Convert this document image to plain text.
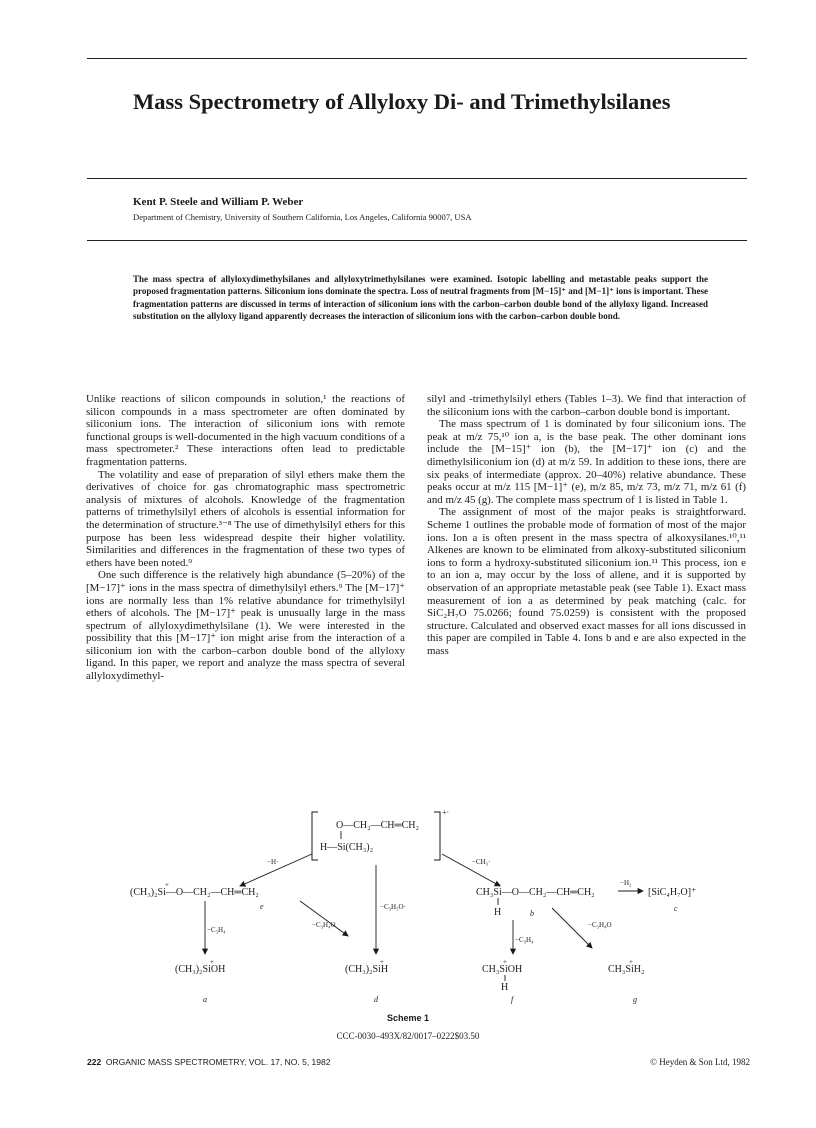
Mass Spectrometry of Allyloxy Di- and Trimethylsilanes

Kent P. Steele and William P. Weber

Department of Chemistry, University of Southern California, Los Angeles, California 90007, USA

The mass spectra of allyloxydimethylsilanes and allyloxytrimethylsilanes were examined. Isotopic labelling and metastable peaks support the proposed fragmentation patterns. Siliconium ions dominate the spectra. Loss of neutral fragments from [M−15]⁺ and [M−1]⁺ ions is important. These fragmentation patterns are discussed in terms of interaction of siliconium ions with the carbon–carbon double bond of the allyloxy ligand. Increased substitution on the allyloxy ligand apparently decreases the interaction of siliconium ions with the carbon–carbon double bond.

Unlike reactions of silicon compounds in solution,¹ the reactions of silicon compounds in a mass spectrometer are often dominated by siliconium ions. The interaction of siliconium ions with remote functional groups is well-documented in the high vacuum conditions of a mass spectrometer.² These interactions often lead to predictable fragmentation patterns.

The volatility and ease of preparation of silyl ethers make them the derivatives of choice for gas chromatographic mass spectrometric analysis of mixtures of alcohols. Knowledge of the fragmentation patterns of trimethylsilyl ethers of alcohols is essential information for the determination of structure.³⁻⁸ The use of dimethylsilyl ethers for this purpose has been less widespread despite their higher volatility. Similarities and differences in the fragmentation of these two types of ethers have been noted.⁹

One such difference is the relatively high abundance (5–20%) of the [M−17]⁺ ions in the mass spectra of dimethylsilyl ethers.⁹ The [M−17]⁺ ions are normally less than 1% relative abundance for trimethylsilyl ethers of alcohols. The [M−17]⁺ peak is unusually large in the mass spectrum of allyloxydimethylsilane (1). We were interested in the possibility that this [M−17]⁺ ion might arise from the interaction of a siliconium ion with the carbon–carbon double bond of the allyloxy ligand. In this paper, we report and analyze the mass spectra of several allyloxydimethyl-

silyl and -trimethylsilyl ethers (Tables 1–3). We find that interaction of the siliconium ions with the carbon–carbon double bond is important.

The mass spectrum of 1 is dominated by four siliconium ions. The peak at m/z 75,¹⁰ ion a, is the base peak. The other dominant ions include the [M−15]⁺ ion (b), the [M−17]⁺ ion (c) and the dimethylsiliconium ion (d) at m/z 59. In addition to these ions, there are six peaks of intermediate (approx. 20–40%) relative abundance. These peaks occur at m/z 115 [M−1]⁺ (e), m/z 85, m/z 73, m/z 71, m/z 61 (f) and m/z 45 (g). The complete mass spectrum of 1 is listed in Table 1.

The assignment of most of the major peaks is straightforward. Scheme 1 outlines the probable mode of formation of most of the major ions. Ion a is often present in the mass spectra of alkoxysilanes.¹⁰,¹¹ Alkenes are known to be eliminated from alkoxy-substituted siliconium ions to form a hydroxy-substituted siliconium ion.¹¹ This process, ion e to an ion a, may occur by the loss of allene, and it is supported by observation of an appropriate metastable peak (see Table 1). Exact mass measurement of ion a as determined by peak matching (calc. for SiC₂H₇O 75.0266; found 75.0259) is consistent with the proposed structure. Calculated and observed exact masses for all ions discussed in this paper are compiled in Table 4. Ions b and e are also expected in the mass

+·
O—CH₂—CH═CH₂
H—Si(CH₃)₂
−H·	−CH₃·
−C₃H₅O·
(CH₃)₂Si—O—CH₂—CH═CH₂
+
e
−C₃H₄
−C₃H₄O
CH₃Si—O—CH₂—CH═CH₂
+
H	b
−H₂
[SiC₄H₇O]⁺
c
−C₃H₄
−C₃H₄O
(CH₃)₂SiOH
+
a
(CH₃)₂SiH
+
d
CH₃SiOH
+
H
f
CH₃SiH₂
+
g
Scheme 1
CCC-0030–493X/82/0017–0222$03.50
222 ORGANIC MASS SPECTROMETRY, VOL. 17, NO. 5, 1982	© Heyden & Son Ltd, 1982
